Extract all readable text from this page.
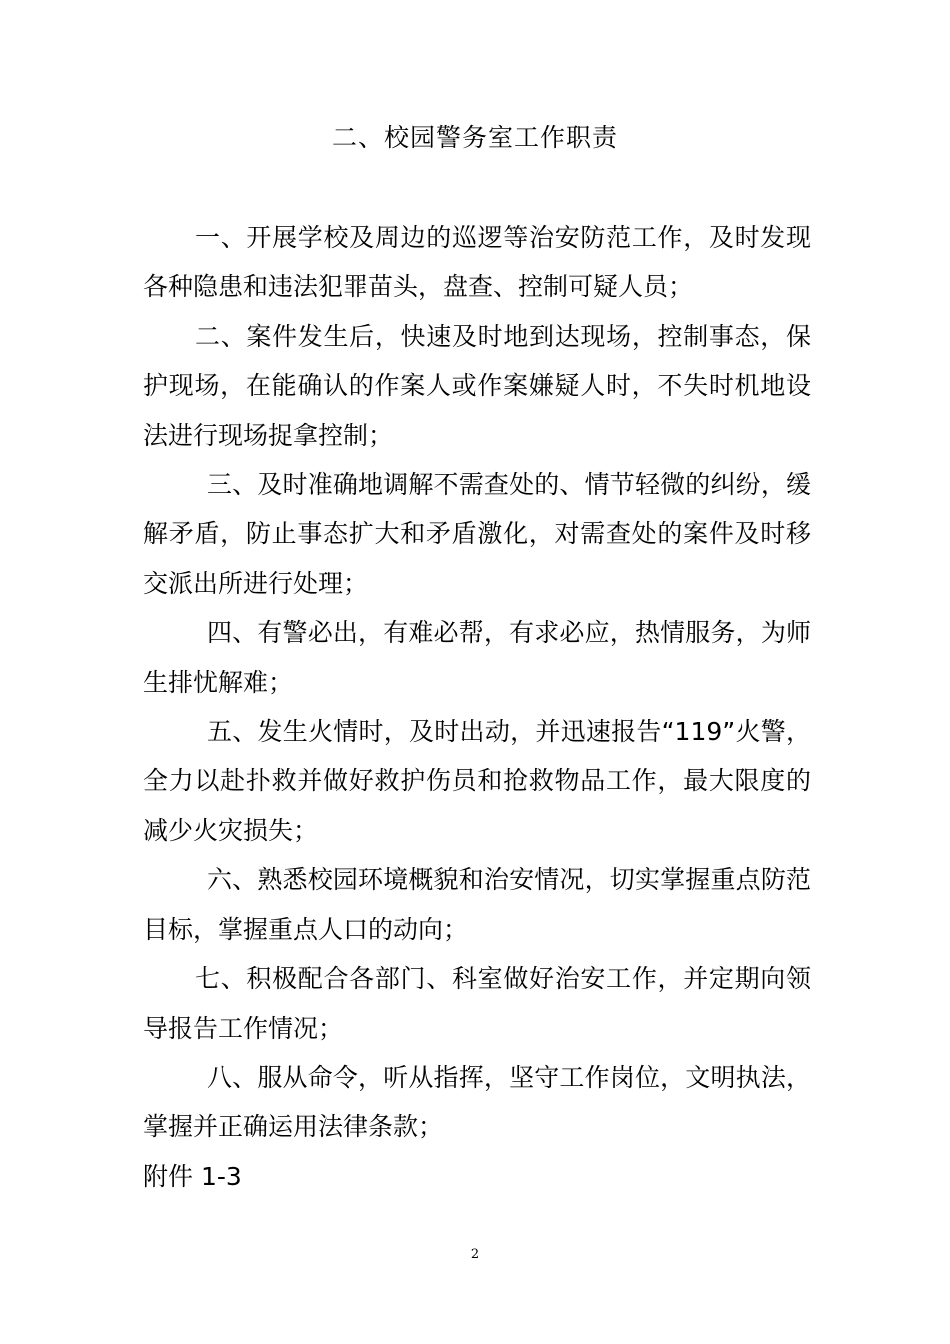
二、校园警务室工作职责

一、开展学校及周边的巡逻等治安防范工作，及时发现各种隐患和违法犯罪苗头，盘查、控制可疑人员；

二、案件发生后，快速及时地到达现场，控制事态，保护现场，在能确认的作案人或作案嫌疑人时，不失时机地设法进行现场捉拿控制；

三、及时准确地调解不需查处的、情节轻微的纠纷，缓解矛盾，防止事态扩大和矛盾激化，对需查处的案件及时移交派出所进行处理；

四、有警必出，有难必帮，有求必应，热情服务，为师生排忧解难；

五、发生火情时，及时出动，并迅速报告“119”火警，全力以赴扑救并做好救护伤员和抢救物品工作，最大限度的减少火灾损失；

六、熟悉校园环境概貌和治安情况，切实掌握重点防范目标，掌握重点人口的动向；

七、积极配合各部门、科室做好治安工作，并定期向领导报告工作情况；

八、服从命令，听从指挥，坚守工作岗位，文明执法，掌握并正确运用法律条款；

附件 1-3

2
